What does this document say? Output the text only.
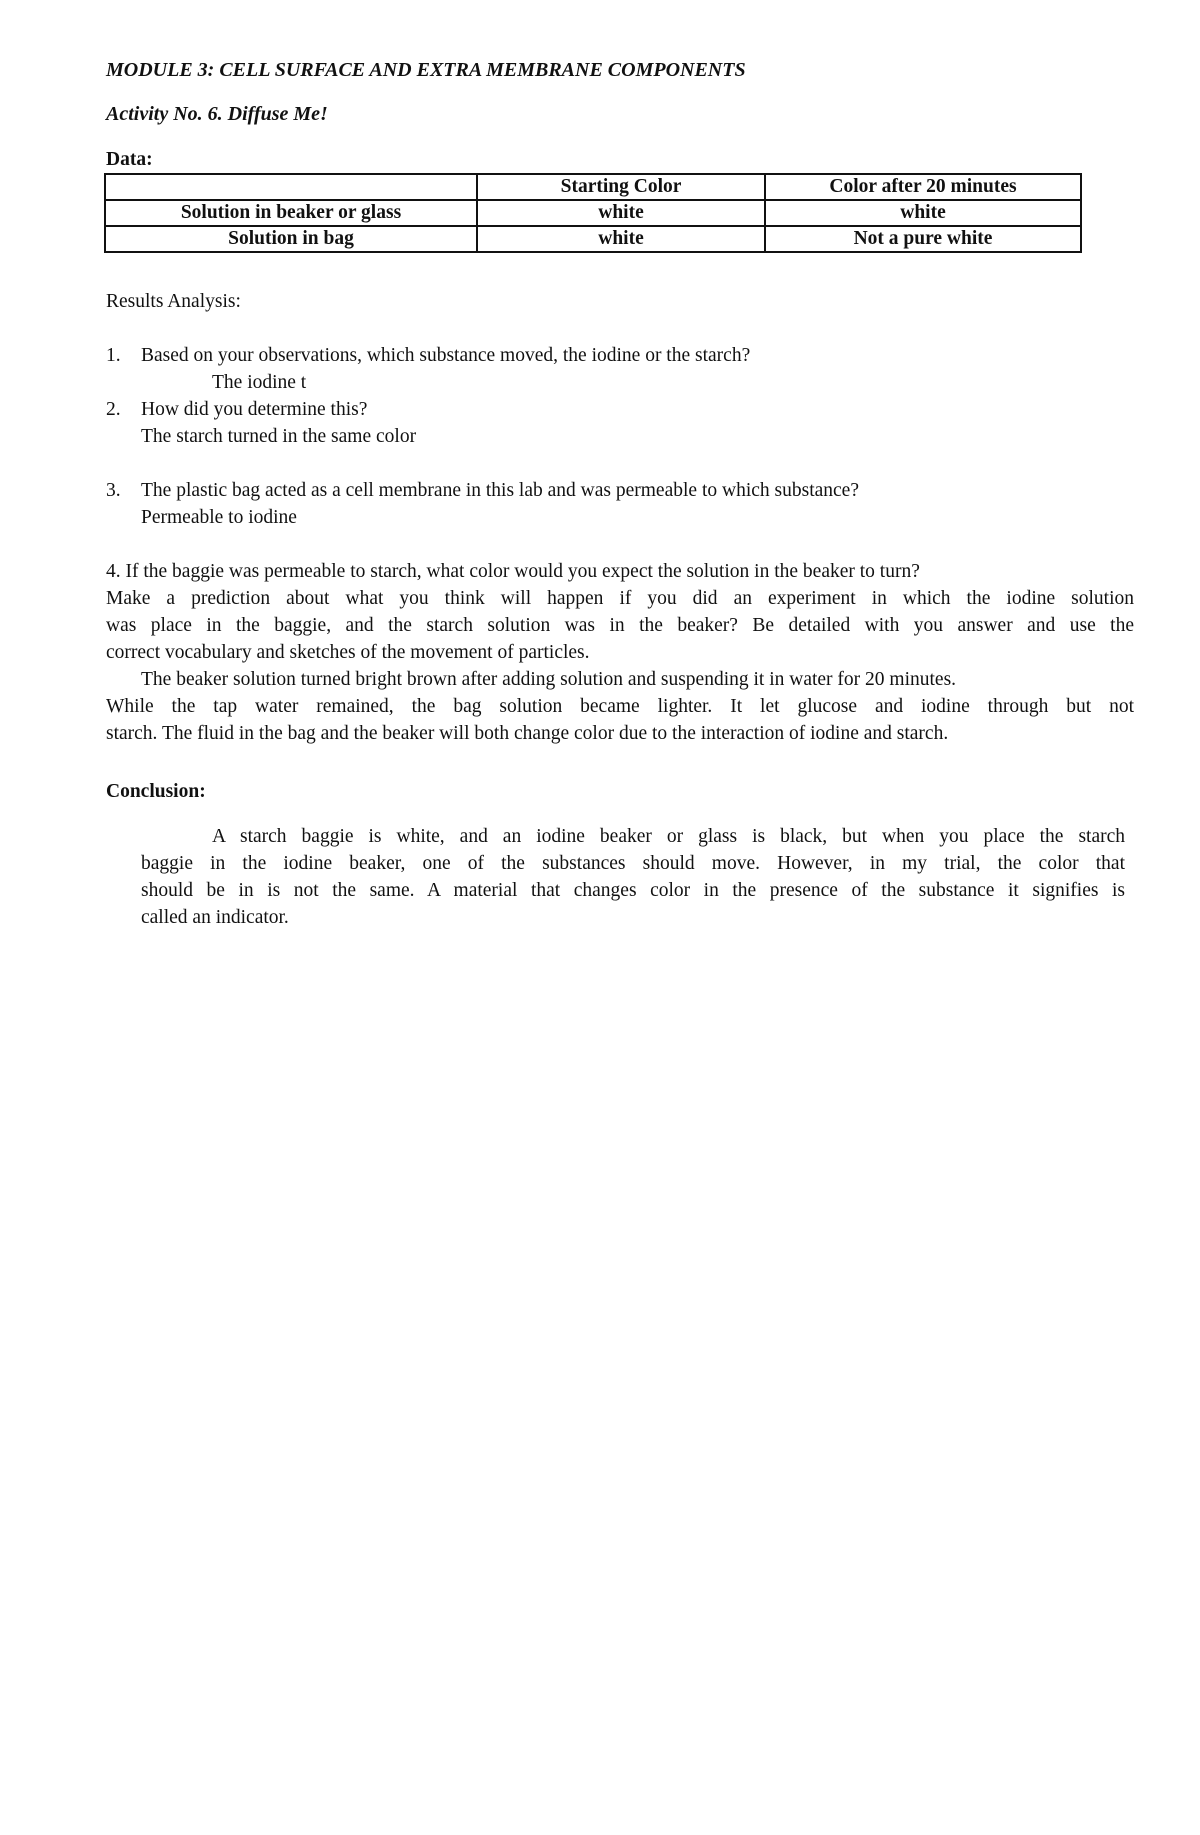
MODULE 3: CELL SURFACE AND EXTRA MEMBRANE COMPONENTS
Activity No. 6. Diffuse Me!
Data:
	Starting Color	Color after 20 minutes
Solution in beaker or glass	white	white
Solution in bag	white	Not a pure white
Results Analysis:
1. Based on your observations, which substance moved, the iodine or the starch?
The iodine t
2. How did you determine this?
The starch turned in the same color
3. The plastic bag acted as a cell membrane in this lab and was permeable to which substance?
Permeable to iodine
4. If the baggie was permeable to starch, what color would you expect the solution in the beaker to turn?
Make a prediction about what you think will happen if you did an experiment in which the iodine solution
was place in the baggie, and the starch solution was in the beaker? Be detailed with you answer and use the
correct vocabulary and sketches of the movement of particles.
The beaker solution turned bright brown after adding solution and suspending it in water for 20 minutes.
While the tap water remained, the bag solution became lighter. It let glucose and iodine through but not
starch. The fluid in the bag and the beaker will both change color due to the interaction of iodine and starch.
Conclusion:
A starch baggie is white, and an iodine beaker or glass is black, but when you place the starch
baggie in the iodine beaker, one of the substances should move. However, in my trial, the color that
should be in is not the same. A material that changes color in the presence of the substance it signifies is
called an indicator.
